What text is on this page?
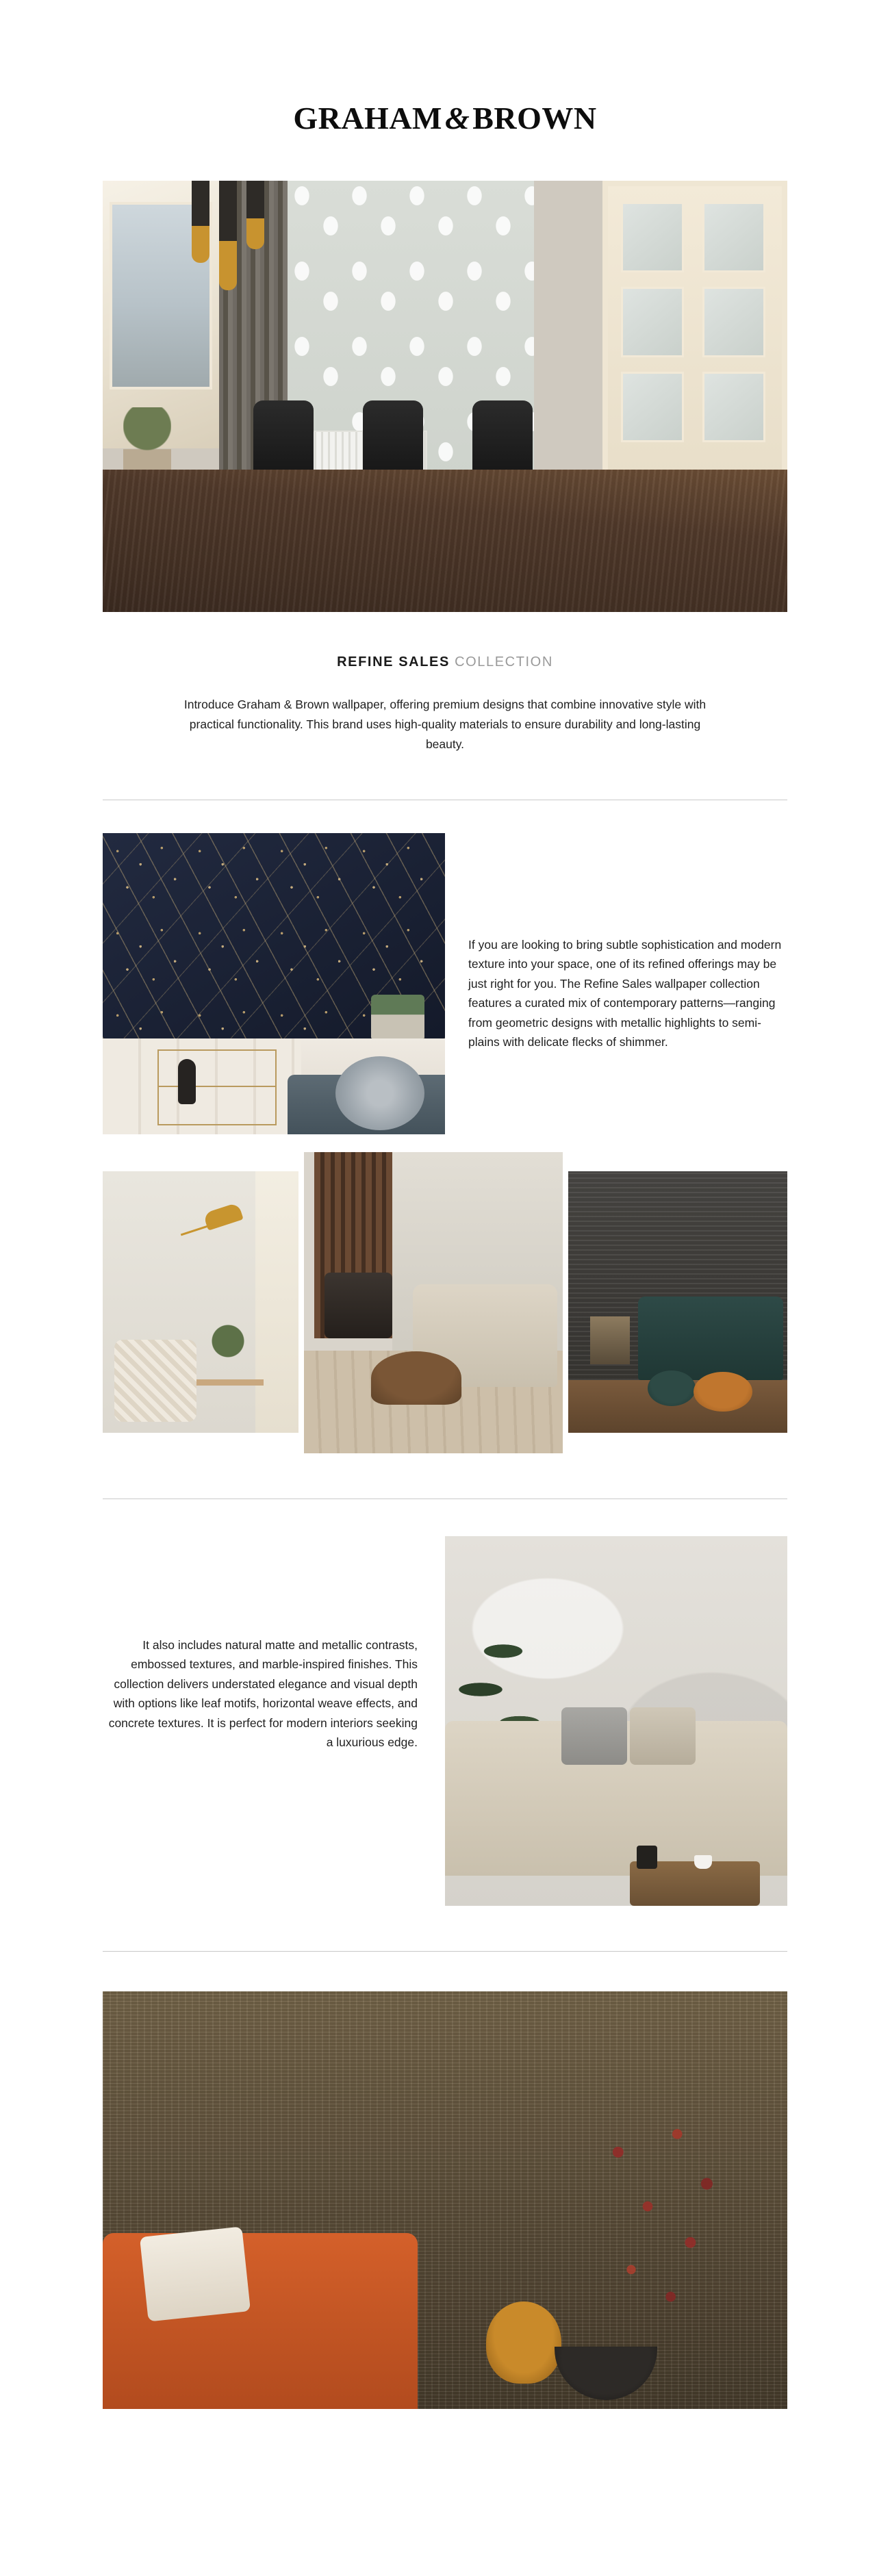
GRAHAM&BROWN
REFINE SALES COLLECTION

Introduce Graham & Brown wallpaper, offering premium designs that combine innovative style with practical functionality. This brand uses high-quality materials to ensure durability and long-lasting beauty.

If you are looking to bring subtle sophistication and modern texture into your space, one of its refined offerings may be just right for you. The Refine Sales wallpaper collection features a curated mix of contemporary patterns—ranging from geometric designs with metallic highlights to semi-plains with delicate flecks of shimmer.

It also includes natural matte and metallic contrasts, embossed textures, and marble-inspired finishes. This collection delivers understated elegance and visual depth with options like leaf motifs, horizontal weave effects, and concrete textures. It is perfect for modern interiors seeking a luxurious edge.
